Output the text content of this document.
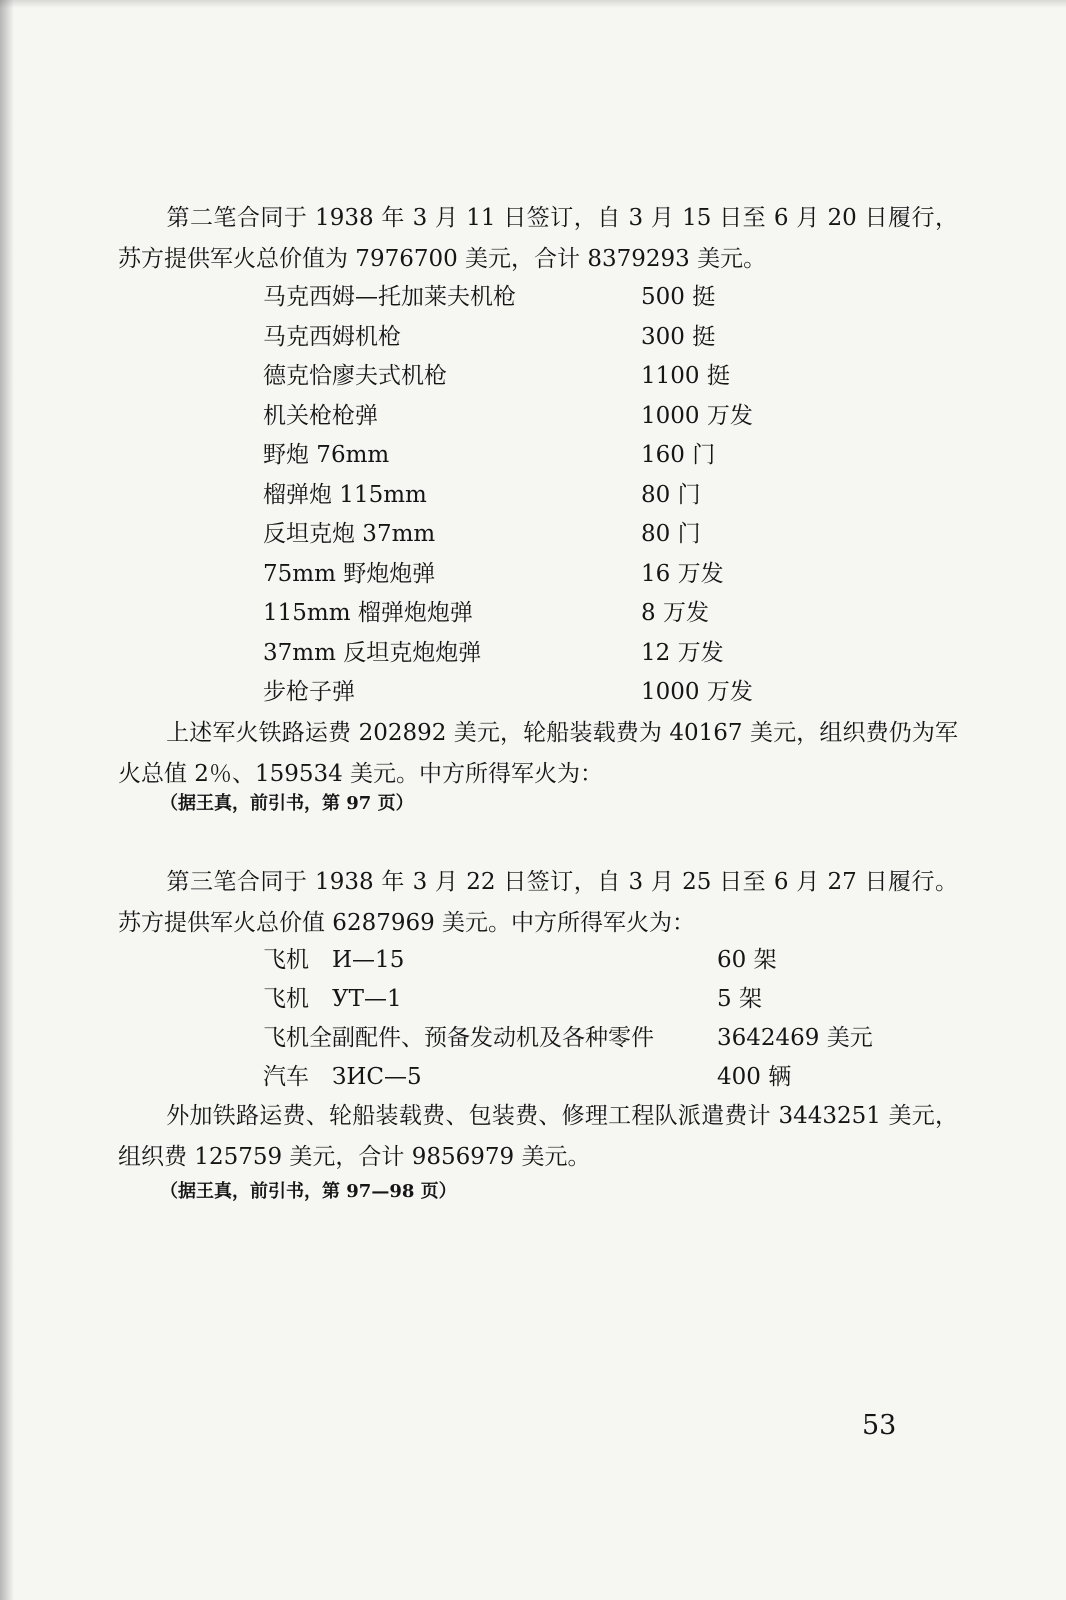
第二笔合同于 1938 年 3 月 11 日签订，自 3 月 15 日至 6 月 20 日履行，苏方提供军火总价值为 7976700 美元，合计 8379293 美元。

马克西姆—托加莱夫机枪	500 挺
马克西姆机枪	300 挺
德克恰廖夫式机枪	1100 挺
机关枪枪弹	1000 万发
野炮 76mm	160 门
榴弹炮 115mm	80 门
反坦克炮 37mm	80 门
75mm 野炮炮弹	16 万发
115mm 榴弹炮炮弹	8 万发
37mm 反坦克炮炮弹	12 万发
步枪子弹	1000 万发

上述军火铁路运费 202892 美元，轮船装载费为 40167 美元，组织费仍为军火总值 2％、159534 美元。中方所得军火为：

（据王真，前引书，第 97 页）

第三笔合同于 1938 年 3 月 22 日签订，自 3 月 25 日至 6 月 27 日履行。苏方提供军火总价值 6287969 美元。中方所得军火为：

飞机　И—15	60 架
飞机　УТ—1	5 架
飞机全副配件、预备发动机及各种零件	3642469 美元
汽车　ЗИС—5	400 辆

外加铁路运费、轮船装载费、包装费、修理工程队派遣费计 3443251 美元，组织费 125759 美元，合计 9856979 美元。

（据王真，前引书，第 97—98 页）
53
